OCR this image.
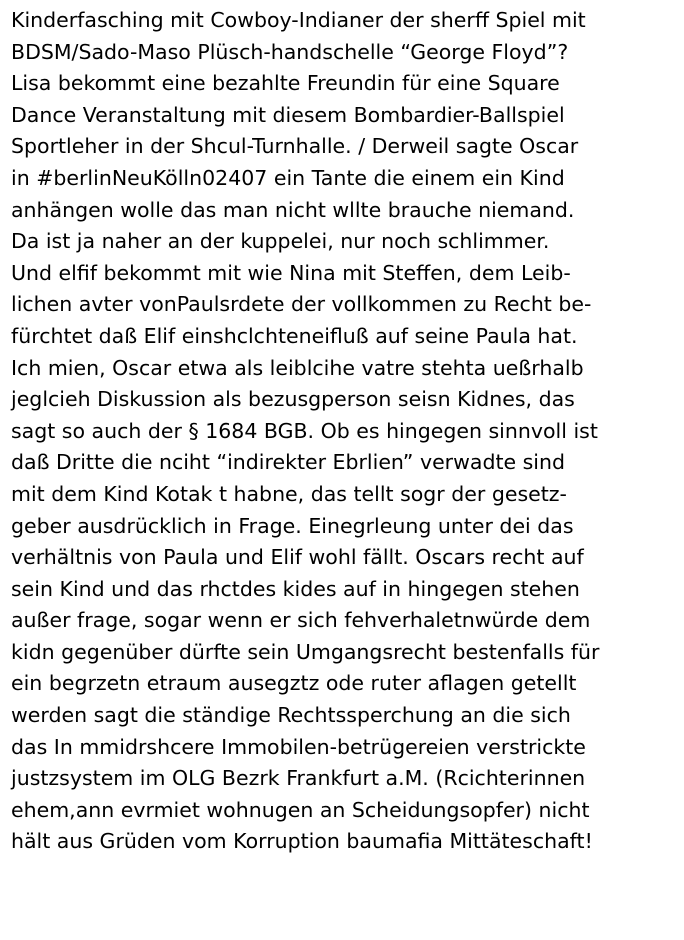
Kinderfasching mit Cowboy-Indianer der sherff Spiel mit
BDSM/Sado-Maso Plüsch-handschelle “George Floyd”?
Lisa bekommt eine bezahlte Freundin für eine Square
Dance Veranstaltung mit diesem Bombardier-Ballspiel
Sportleher in der Shcul-Turnhalle. / Derweil sagte Oscar
in #berlinNeuKölln02407 ein Tante die einem ein Kind
anhängen wolle das man nicht wllte brauche niemand.
Da ist ja naher an der kuppelei, nur noch schlimmer.
Und elfif bekommt mit wie Nina mit Steffen, dem Leib-
lichen avter vonPaulsrdete der vollkommen zu Recht be-
fürchtet daß Elif einshclchteneifluß auf seine Paula hat.
Ich mien, Oscar etwa als leiblcihe vatre stehta ueßrhalb
jeglcieh Diskussion als bezusgperson seisn Kidnes, das
sagt so auch der § 1684 BGB. Ob es hingegen sinnvoll ist
daß Dritte die nciht “indirekter Ebrlien” verwadte sind
mit dem Kind Kotak t habne, das tellt sogr der gesetz-
geber ausdrücklich in Frage. Einegrleung unter dei das
verhältnis von Paula und Elif wohl fällt. Oscars recht auf
sein Kind und das rhctdes kides auf in hingegen stehen
außer frage, sogar wenn er sich fehverhaletnwürde dem
kidn gegenüber dürfte sein Umgangsrecht bestenfalls für
ein begrzetn etraum ausegztz ode ruter aflagen getellt
werden sagt die ständige Rechtssperchung an die sich
das In mmidrshcere Immobilen-betrügereien verstrickte
justzsystem im OLG Bezrk Frankfurt a.M. (Rcichterinnen
ehem,ann evrmiet wohnugen an Scheidungsopfer) nicht
hält aus Grüden vom Korruption baumafia Mittäteschaft!
